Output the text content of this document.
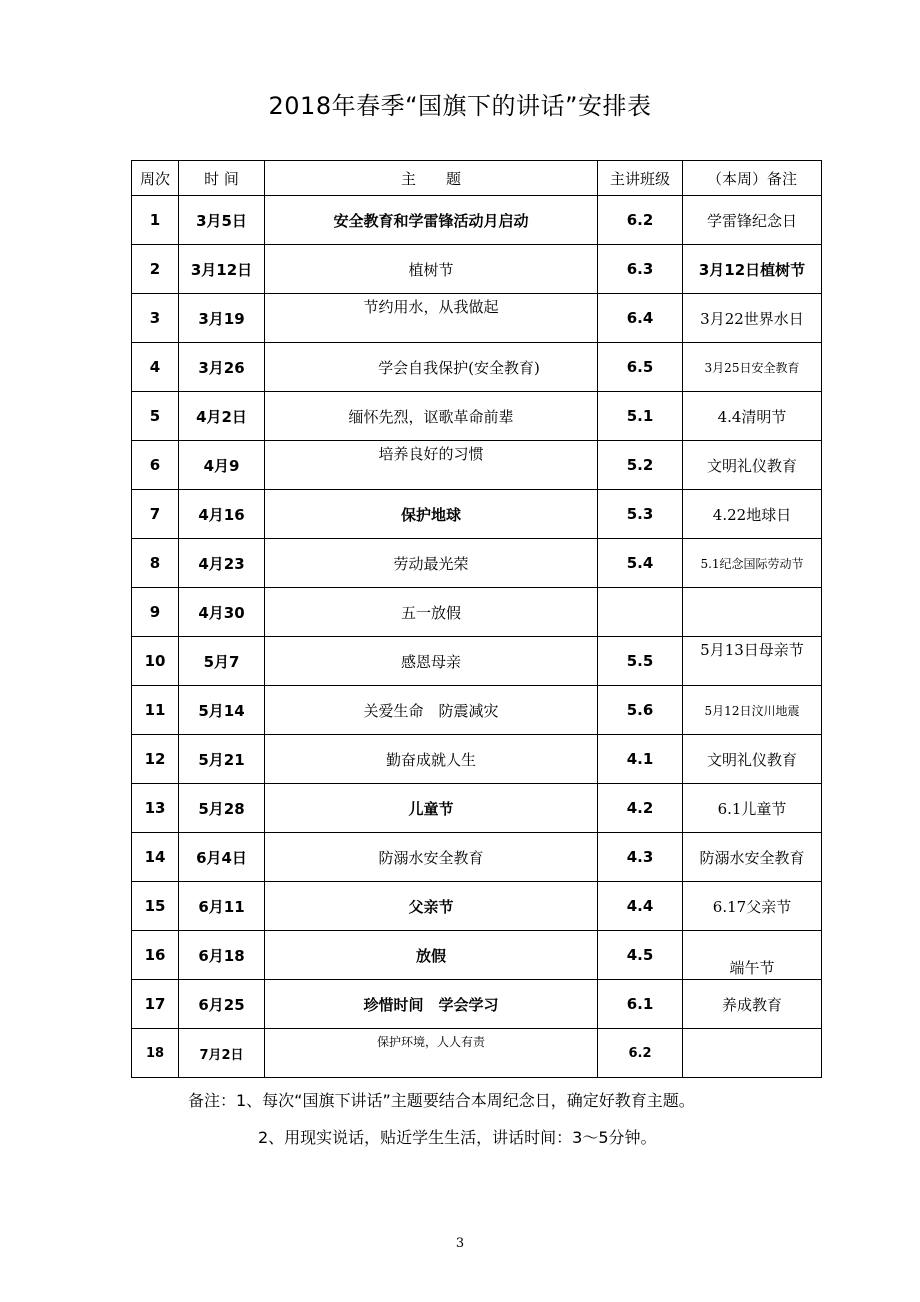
2018年春季“国旗下的讲话”安排表
周次	时 间	主　　题	主讲班级	（本周）备注
1	3月5日	安全教育和学雷锋活动月启动	6.2	学雷锋纪念日
2	3月12日	植树节	6.3	3月12日植树节
3	3月19	节约用水，从我做起	6.4	3月22世界水日
4	3月26	学会自我保护(安全教育)	6.5	3月25日安全教育
5	4月2日	缅怀先烈，讴歌革命前辈	5.1	4.4清明节
6	4月9	培养良好的习惯	5.2	文明礼仪教育
7	4月16	保护地球	5.3	4.22地球日
8	4月23	劳动最光荣	5.4	5.1纪念国际劳动节
9	4月30	五一放假		
10	5月7	感恩母亲	5.5	5月13日母亲节
11	5月14	关爱生命　防震减灾	5.6	5月12日汶川地震
12	5月21	勤奋成就人生	4.1	文明礼仪教育
13	5月28	儿童节	4.2	6.1儿童节
14	6月4日	防溺水安全教育	4.3	防溺水安全教育
15	6月11	父亲节	4.4	6.17父亲节
16	6月18	放假	4.5	端午节
17	6月25	珍惜时间　学会学习	6.1	养成教育
18	7月2日	保护环境，人人有责	6.2	
备注：1、每次“国旗下讲话”主题要结合本周纪念日，确定好教育主题。
2、用现实说话，贴近学生生活，讲话时间：3～5分钟。
3
